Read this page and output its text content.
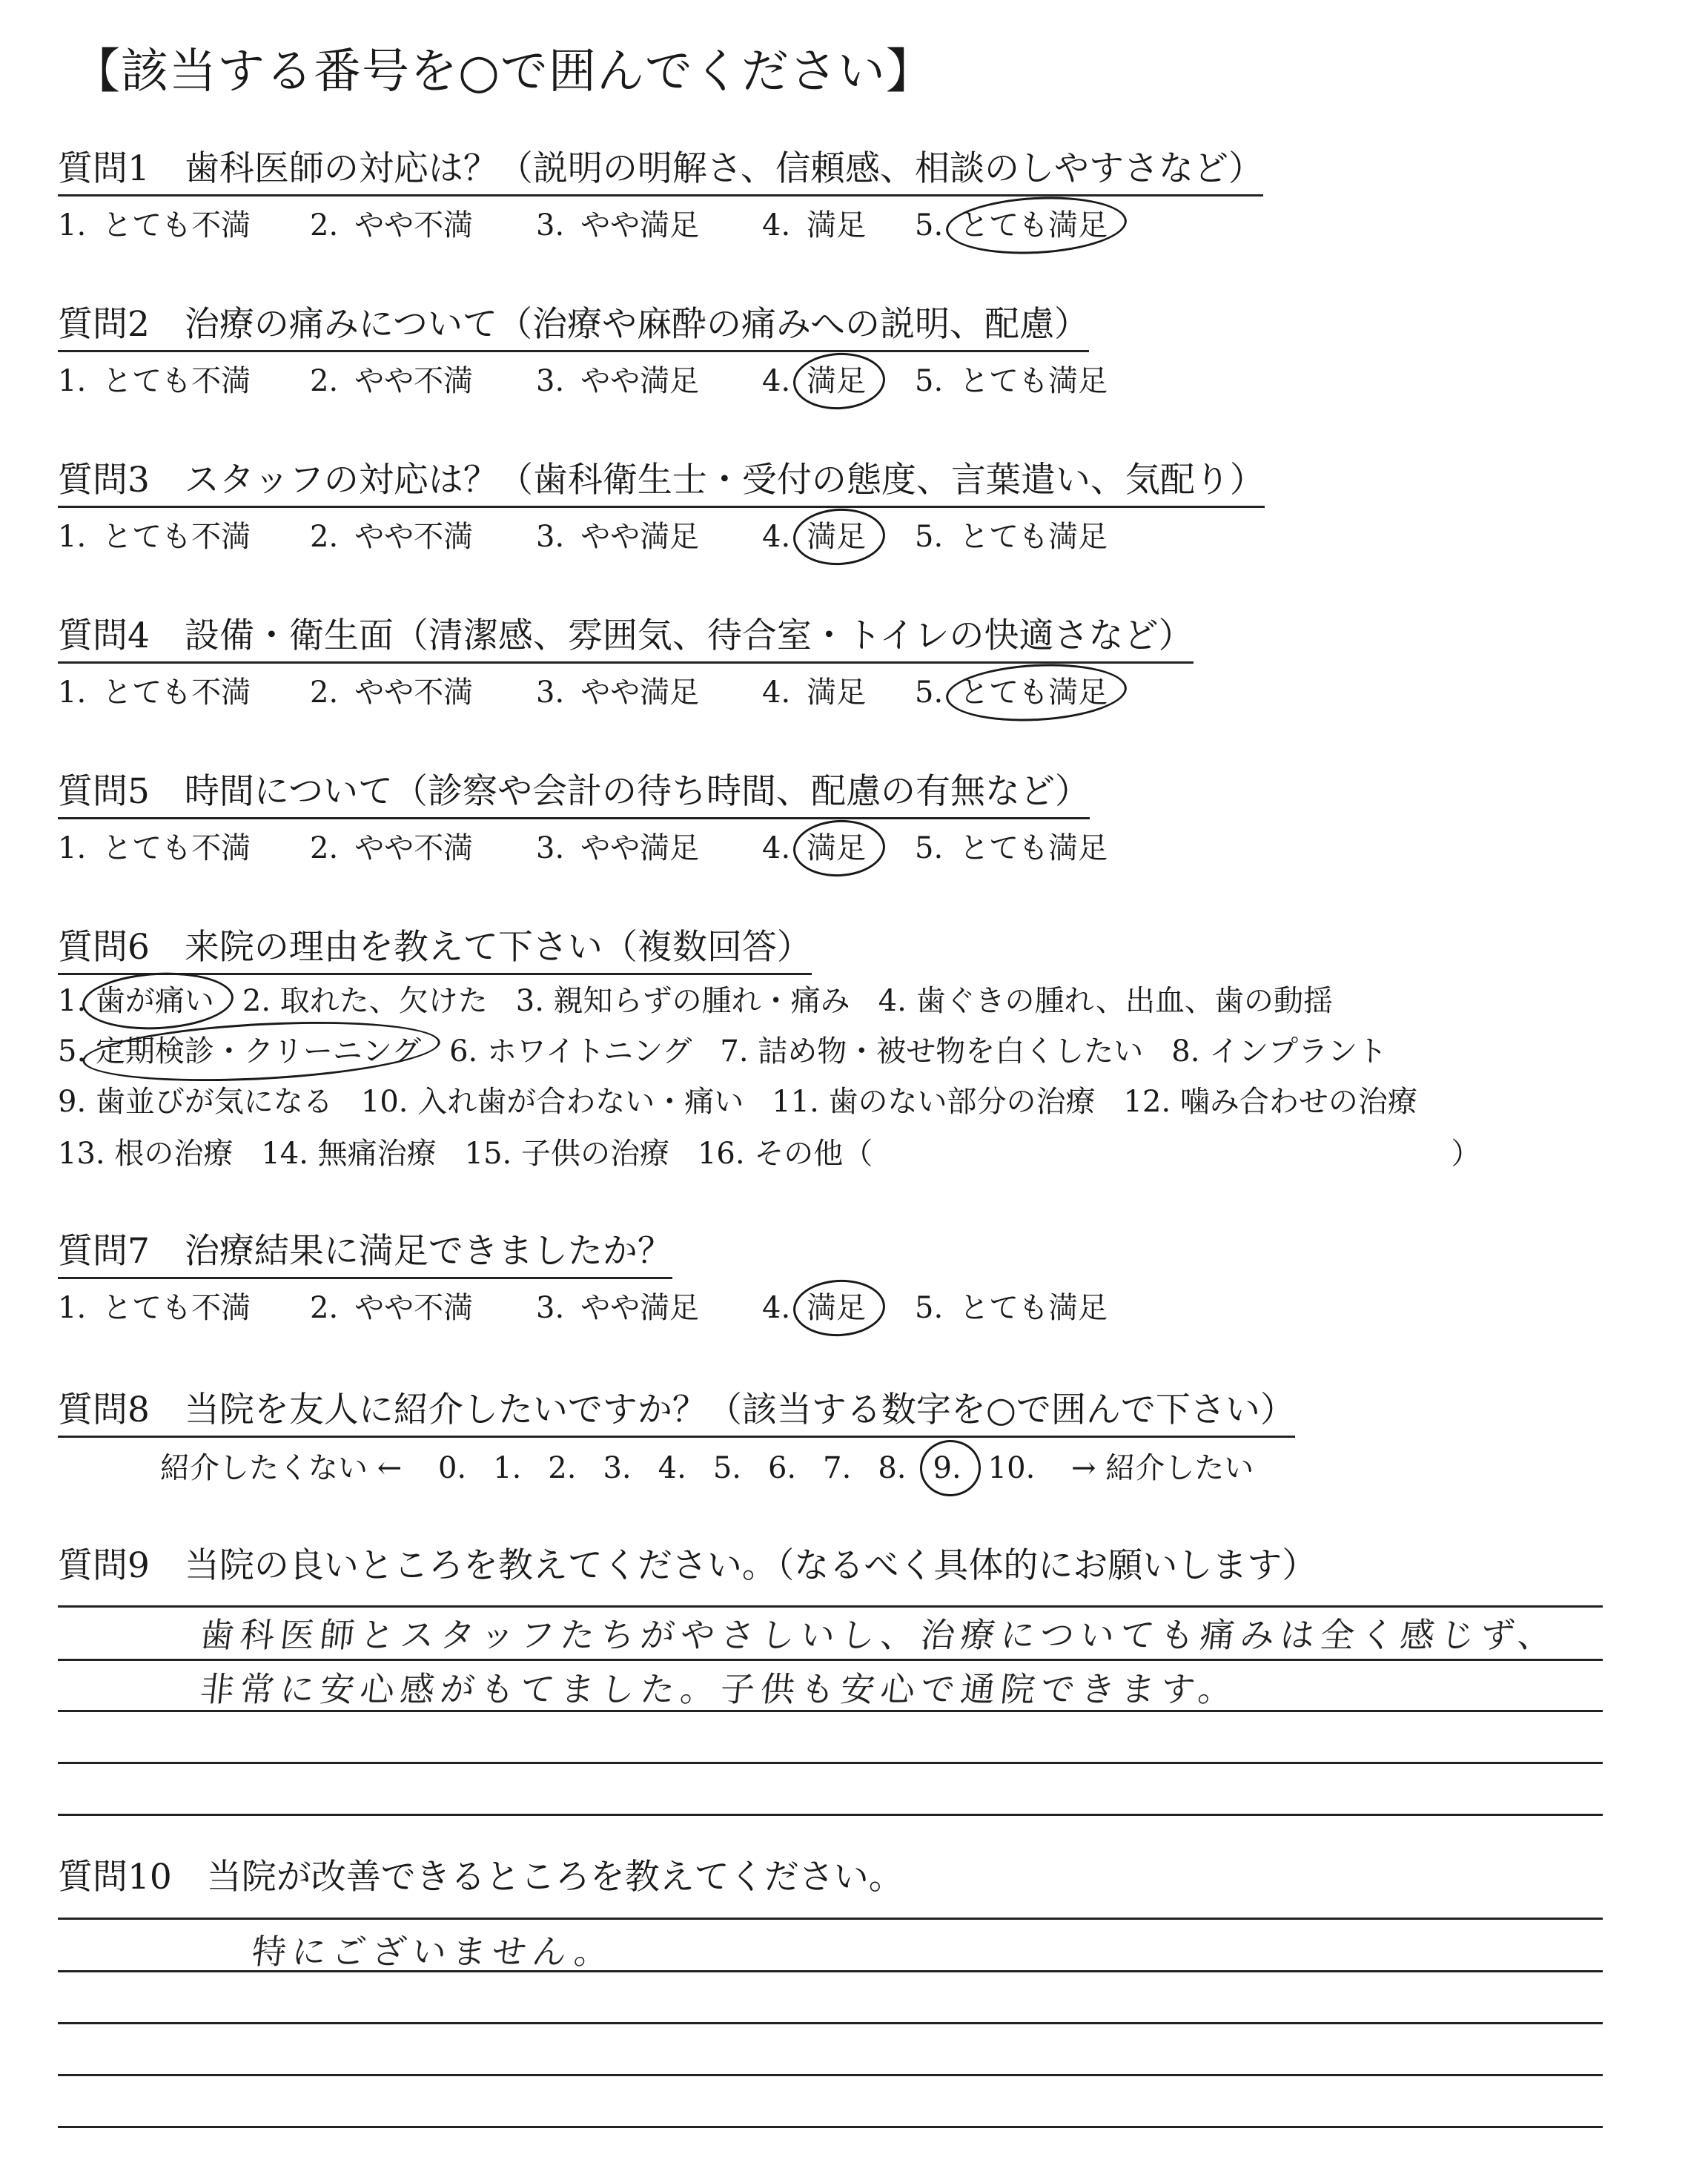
【該当する番号を○で囲んでください】
質問1　歯科医師の対応は？（説明の明解さ、信頼感、相談のしやすさなど）
1. とても不満 2. やや不満 3. やや満足 4. 満足 5. とても満足
質問2　治療の痛みについて（治療や麻酔の痛みへの説明、配慮）
1. とても不満 2. やや不満 3. やや満足 4. 満足 5. とても満足
質問3　スタッフの対応は？（歯科衛生士・受付の態度、言葉遣い、気配り）
1. とても不満 2. やや不満 3. やや満足 4. 満足 5. とても満足
質問4　設備・衛生面（清潔感、雰囲気、待合室・トイレの快適さなど）
1. とても不満 2. やや不満 3. やや満足 4. 満足 5. とても満足
質問5　時間について（診察や会計の待ち時間、配慮の有無など）
1. とても不満 2. やや不満 3. やや満足 4. 満足 5. とても満足
質問7　治療結果に満足できましたか？
1. とても不満 2. やや不満 3. やや満足 4. 満足 5. とても満足
質問6　来院の理由を教えて下さい（複数回答）
1. 歯が痛い 2. 取れた、欠けた 3. 親知らずの腫れ・痛み 4. 歯ぐきの腫れ、出血、歯の動揺
5. 定期検診・クリーニング 6. ホワイトニング 7. 詰め物・被せ物を白くしたい 8. インプラント
9. 歯並びが気になる 10. 入れ歯が合わない・痛い 11. 歯のない部分の治療 12. 噛み合わせの治療
13. 根の治療 14. 無痛治療 15. 子供の治療 16. その他（	）
質問8　当院を友人に紹介したいですか？（該当する数字を○で囲んで下さい）
紹介したくない ← 0. 1. 2. 3. 4. 5. 6. 7. 8. 9. 10. → 紹介したい
質問9　当院の良いところを教えてください。（なるべく具体的にお願いします）
歯科医師とスタッフたちがやさしいし、治療についても痛みは全く感じず、
非常に安心感がもてました。子供も安心で通院できます。
質問10　当院が改善できるところを教えてください。
特にございません。
